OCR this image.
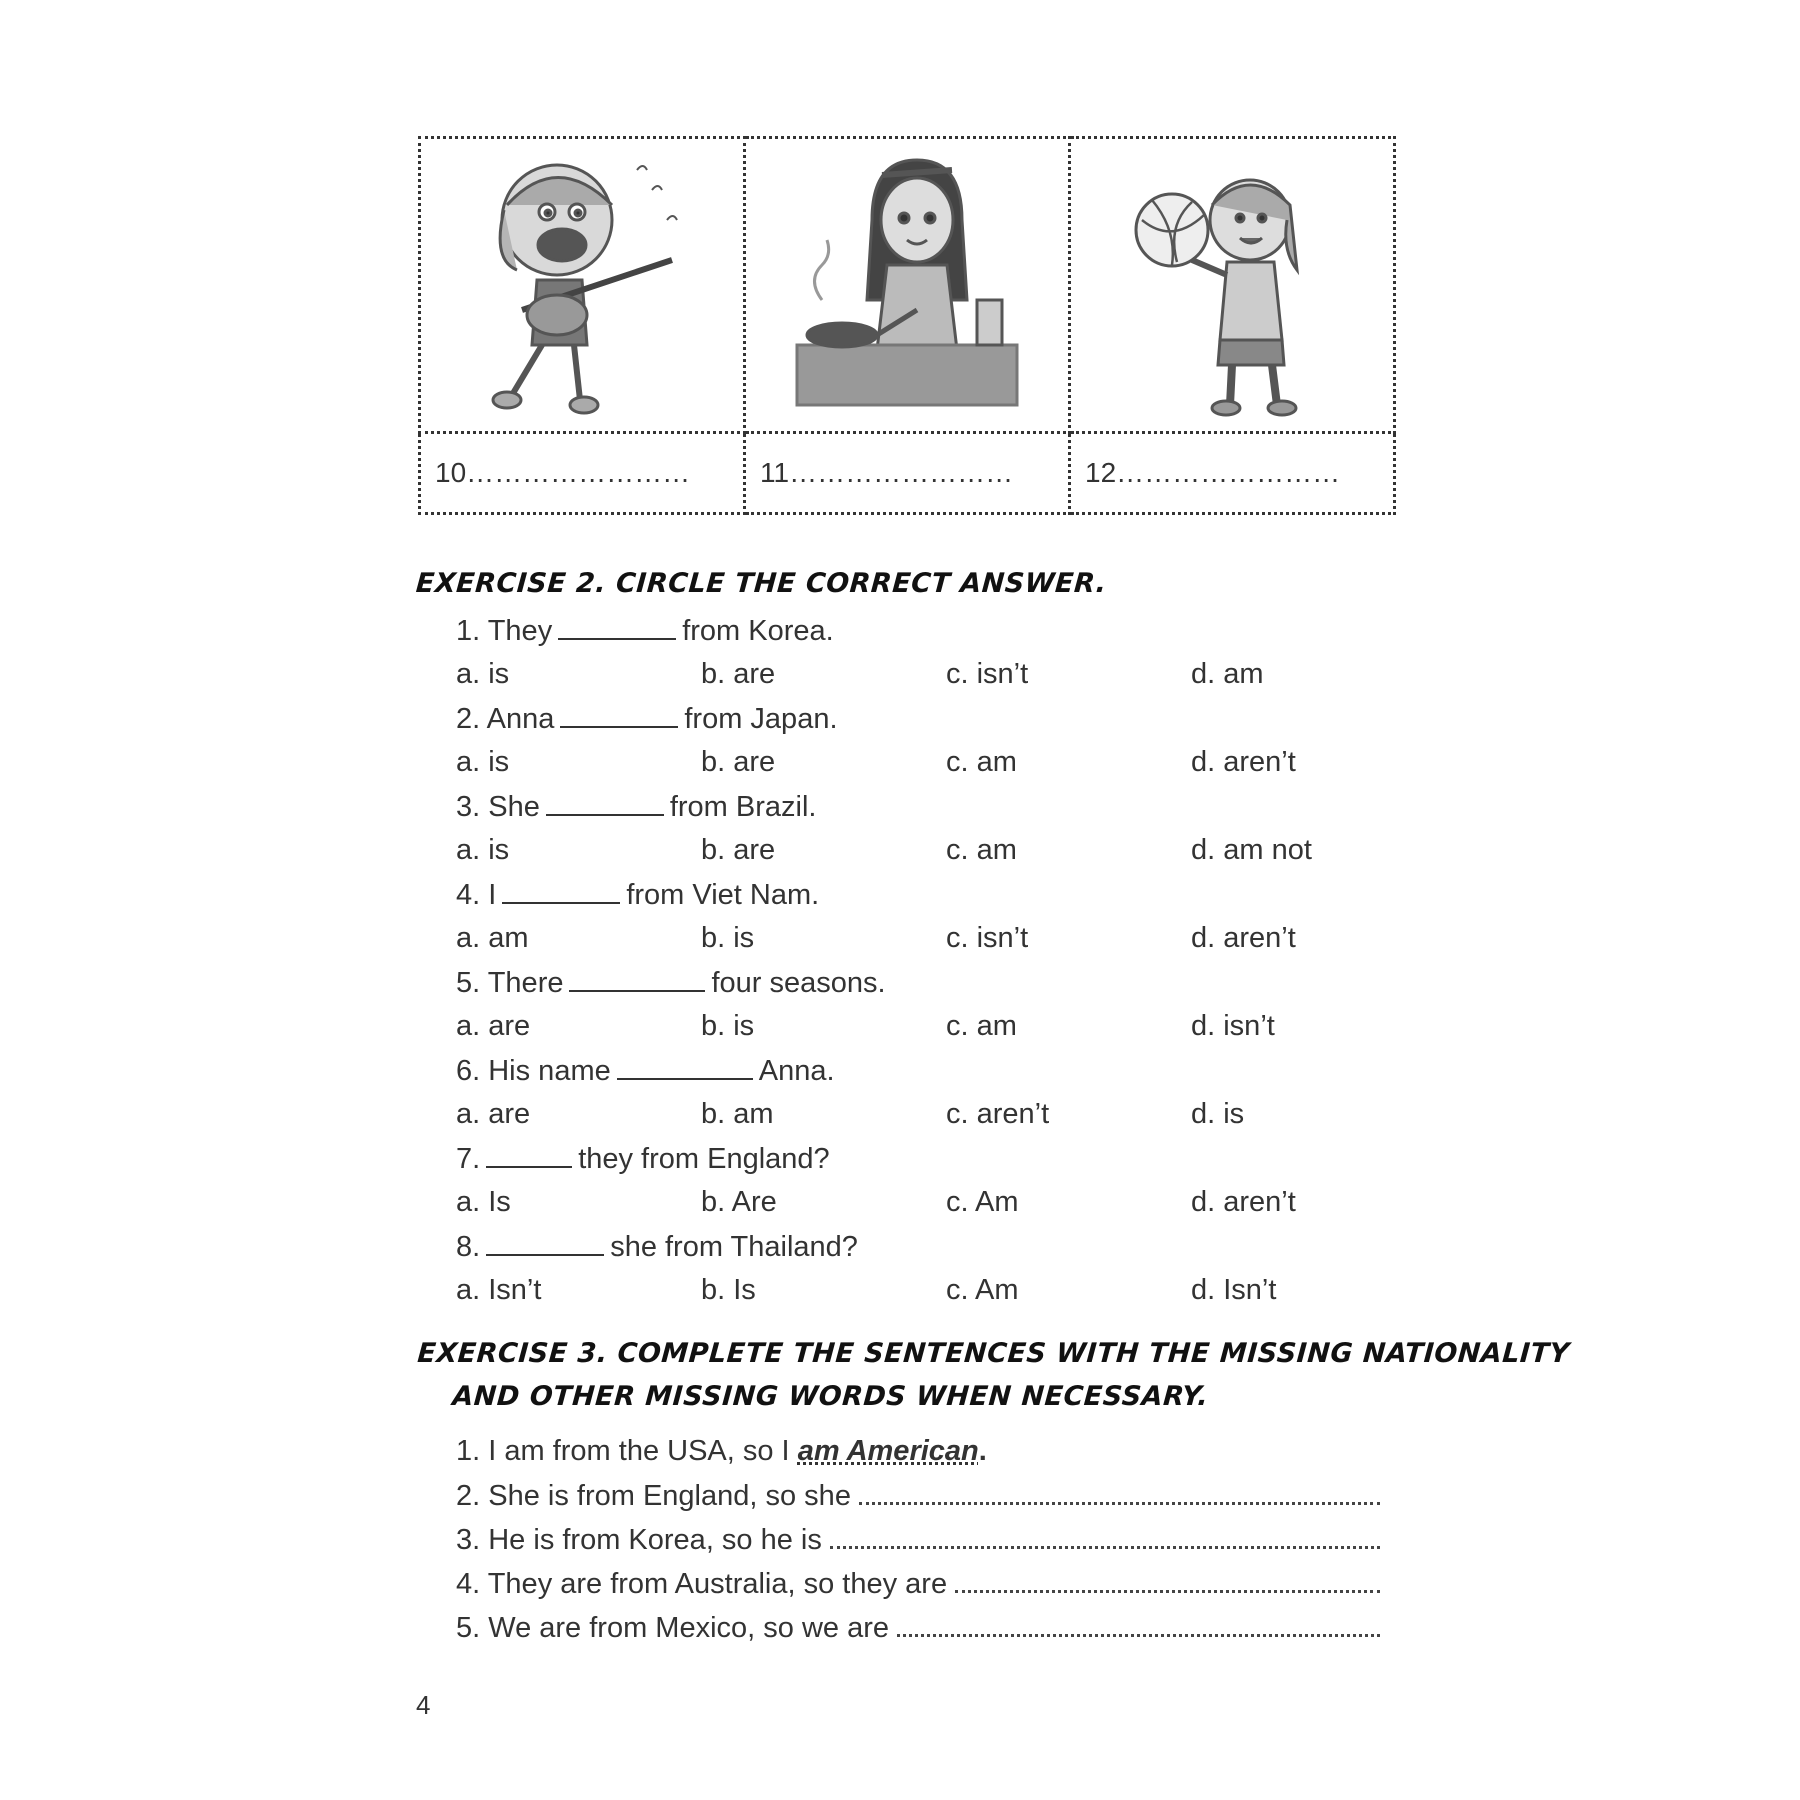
10……………………	11……………………	12……………………
EXERCISE 2. CIRCLE THE CORRECT ANSWER.
1. They	from Korea.
a. is	b. are	c. isn’t	d. am
2. Anna	from Japan.
a. is	b. are	c. am	d. aren’t
3. She	from Brazil.
a. is	b. are	c. am	d. am not
4. I	from Viet Nam.
a. am	b. is	c. isn’t	d. aren’t
5. There	four seasons.
a. are	b. is	c. am	d. isn’t
6. His name	Anna.
a. are	b. am	c. aren’t	d. is
7.	they from England?
a. Is	b. Are	c. Am	d. aren’t
8.	she from Thailand?
a. Isn’t	b. Is	c. Am	d. Isn’t
EXERCISE 3. COMPLETE THE SENTENCES WITH THE MISSING NATIONALITY
AND OTHER MISSING WORDS WHEN NECESSARY.
1. I am from the USA, so I am American.
2. She is from England, so she
3. He is from Korea, so he is
4. They are from Australia, so they are
5. We are from Mexico, so we are
4
